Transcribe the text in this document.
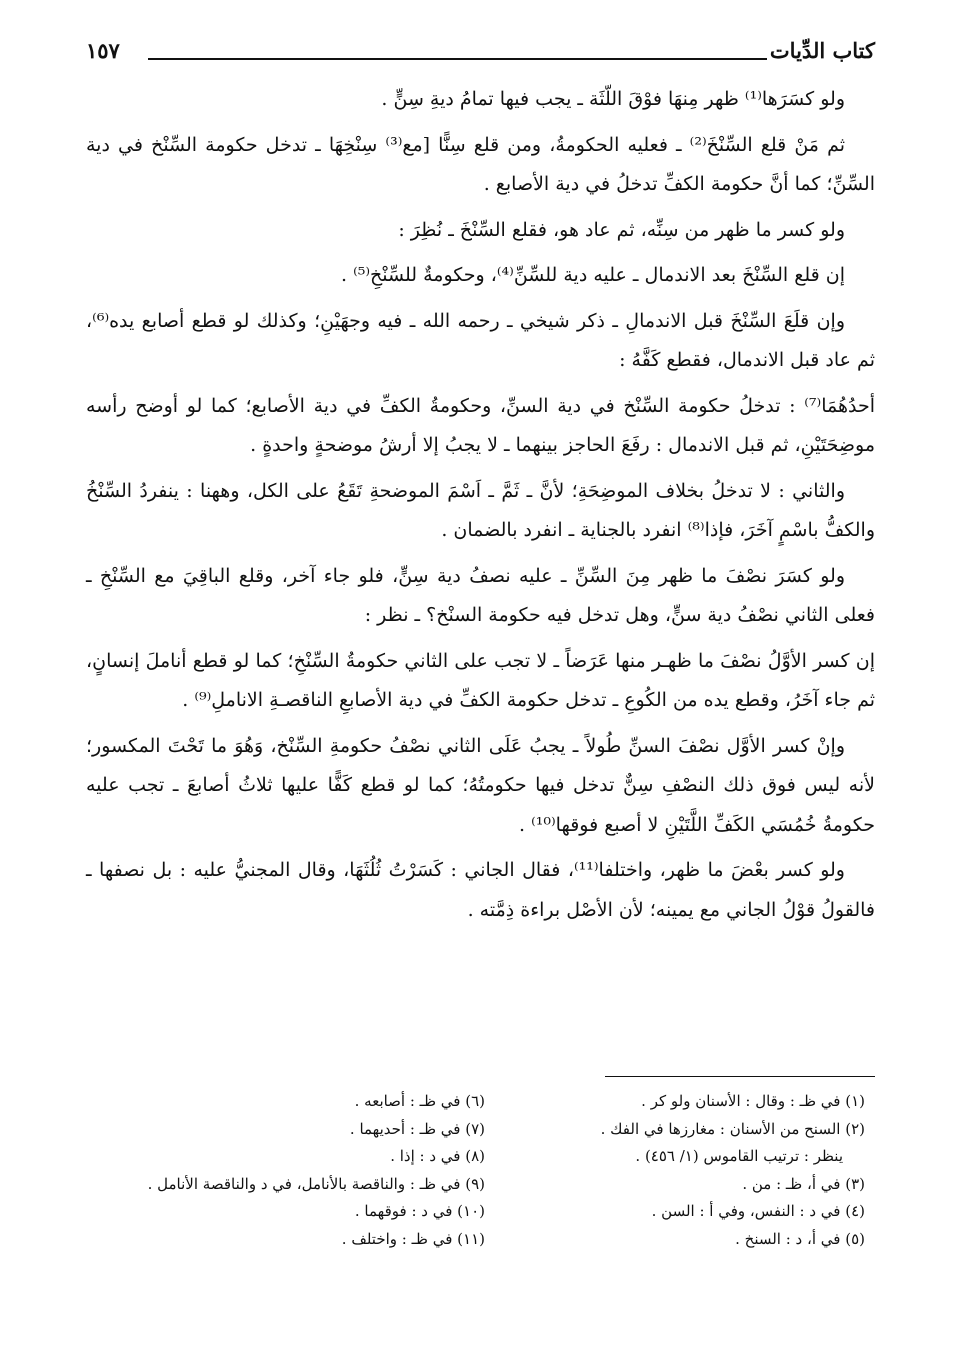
كتاب الدِّيات
١٥٧

ولو كسَرَها⁽¹⁾ ظهر مِنهَا فوْقَ اللّثَة ـ يجب فيها تمامُ ديةِ سِنٍّ .

ثم مَنْ قلع السِّنْخَ⁽²⁾ ـ فعليه الحكومةُ، ومن قلع سِنًّا [مع⁽³⁾ سِنْخِهَا ـ تدخل حكومة السِّنْخ في دية السِّنِّ؛ كما أنَّ حكومة الكفِّ تدخلُ في دية الأصابع .

ولو كسر ما ظهر من سِنِّه، ثم عاد هو، فقلع السِّنْخَ ـ نُظِرَ :

إن قلع السِّنْخَ بعد الاندمال ـ عليه دية للسِّنِّ⁽⁴⁾، وحكومةٌ للسِّنْخِ⁽⁵⁾ .

وإن قلَعَ السِّنْخَ قبل الاندمالِ ـ ذكر شيخي ـ رحمه الله ـ فيه وجهَيْنِ؛ وكذلك لو قطع أصابع يده⁽⁶⁾، ثم عاد قبل الاندمال، فقطع كَفَّهُ :

أحدُهُمَا⁽⁷⁾ : تدخلُ حكومة السِّنْخ في دية السنِّ، وحكومةُ الكفِّ في دية الأصابع؛ كما لو أوضح رأسه موضِحَتَيْنِ، ثم قبل الاندمال : رفَعَ الحاجز بينهما ـ لا يجبُ إلا أرشُ موضحةٍ واحدةٍ .

والثاني : لا تدخلُ بخلاف الموضِحَةِ؛ لأنَّ ـ ثَمَّ ـ اَسْمَ الموضحةِ تَقَعُ على الكل، وههنا : ينفردُ السِّنْخُ والكفُّ باسْمٍ آخَرَ، فإذا⁽⁸⁾ انفرد بالجناية ـ انفرد بالضمان .

ولو كسَرَ نصْفَ ما ظهر مِنَ السِّنِّ ـ عليه نصفُ دية سِنٍّ، فلو جاء آخر، وقلع الباقِيَ مع السِّنْخِ ـ فعلى الثاني نصْفُ دية سنٍّ، وهل تدخل فيه حكومة السنْخ؟ ـ نظر :

إن كسر الأوَّلُ نصْفَ ما ظهـر منها عَرَضاً ـ لا تجب على الثاني حكومةُ السِّنْخِ؛ كما لو قطع أناملَ إنسانٍ، ثم جاء آخَرُ، وقطع يده من الكُوعِ ـ تدخل حكومة الكفِّ في دية الأصابعِ الناقصـةِ الاناملِ⁽⁹⁾ .

وإنْ كسر الأوَّل نصْفَ السنِّ طُولاً ـ يجبُ عَلَى الثاني نصْفُ حكومةِ السِّنْخ، وَهُوَ ما تَحْتَ المكسور؛ لأنه ليس فوق ذلك النصْفِ سِنٌّ تدخل فيها حكومتُهُ؛ كما لو قطع كَفًّا عليها ثلاثُ أصابعَ ـ تجب عليه حكومةُ خُمُسَي الكَفِّ اللَّتَيْنِ لا أصبع فوقها⁽¹⁰⁾ .

ولو كسر بعْضَ ما ظهر، واختلفا⁽¹¹⁾، فقال الجاني : كَسَرْتُ ثُلُثَهَا، وقال المجنيُّ عليه : بل نصفها ـ فالقولُ قوْلُ الجاني مع يمينه؛ لأن الأصْل براءة ذِمَّته .

(١) في ظـ : وقال : الأسنان ولو كر .
(٢) السنح من الأسنان : مغارزها في الفك .
ينظر : ترتيب القاموس (١/ ٤٥٦) .
(٣) في أ، ظـ : من .
(٤) في د : النفس، وفي أ : السن .
(٥) في أ، د : السنخ .
(٦) في ظـ : أصابعه .
(٧) في ظـ : أحديهما .
(٨) في د : إذا .
(٩) في ظـ : والناقصة بالأنامل، في د والناقصة الأنامل .
(١٠) في د : فوقهما .
(١١) في ظـ : واختلف .
